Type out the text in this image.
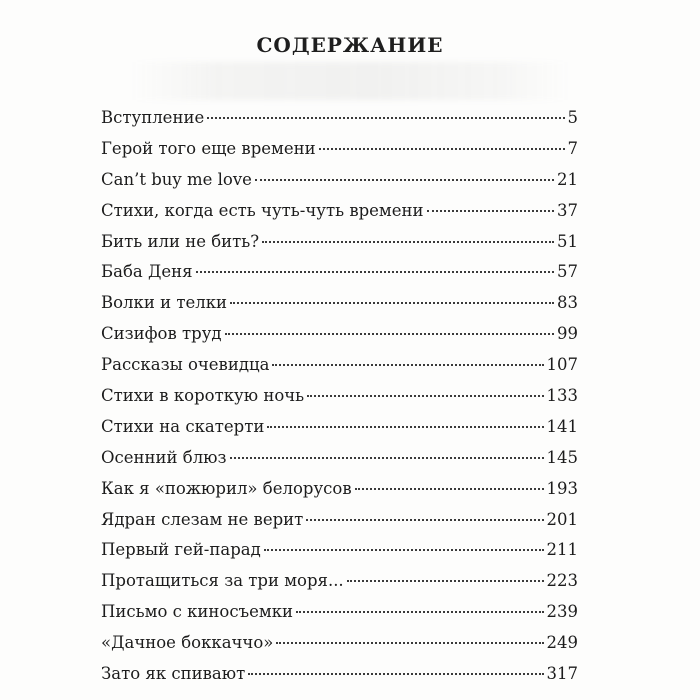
СОДЕРЖАНИЕ
Вступление	5
Герой того еще времени	7
Can’t buy me love	21
Стихи, когда есть чуть-чуть времени	37
Бить или не бить?	51
Баба Деня	57
Волки и телки	83
Сизифов труд	99
Рассказы очевидца	107
Стихи в короткую ночь	133
Стихи на скатерти	141
Осенний блюз	145
Как я «пожюрил» белорусов	193
Ядран слезам не верит	201
Первый гей-парад	211
Протащиться за три моря...	223
Письмо с киносъемки	239
«Дачное боккаччо»	249
Зато як спивают	317
